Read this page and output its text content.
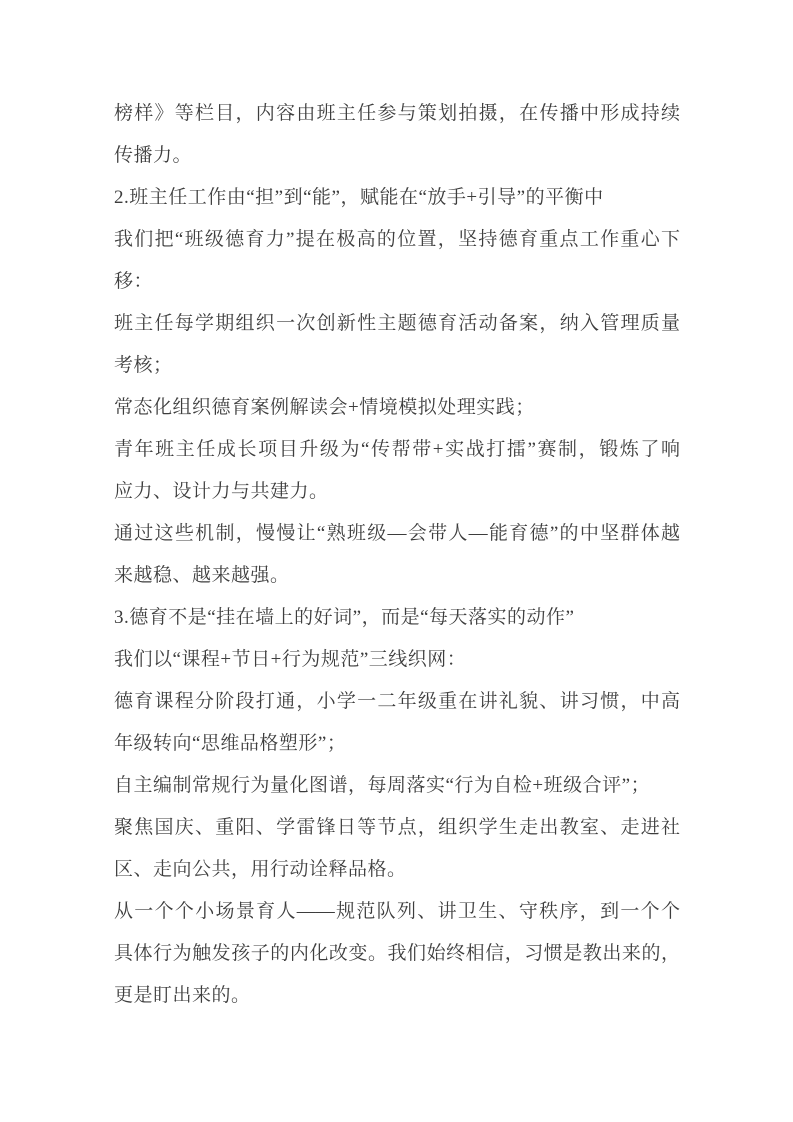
榜样》等栏目，内容由班主任参与策划拍摄，在传播中形成持续
传播力。
2.班主任工作由“担”到“能”，赋能在“放手+引导”的平衡中
我们把“班级德育力”提在极高的位置，坚持德育重点工作重心下
移：
班主任每学期组织一次创新性主题德育活动备案，纳入管理质量
考核；
常态化组织德育案例解读会+情境模拟处理实践；
青年班主任成长项目升级为“传帮带+实战打擂”赛制，锻炼了响
应力、设计力与共建力。
通过这些机制，慢慢让“熟班级—会带人—能育德”的中坚群体越
来越稳、越来越强。
3.德育不是“挂在墙上的好词”，而是“每天落实的动作”
我们以“课程+节日+行为规范”三线织网：
德育课程分阶段打通，小学一二年级重在讲礼貌、讲习惯，中高
年级转向“思维品格塑形”；
自主编制常规行为量化图谱，每周落实“行为自检+班级合评”；
聚焦国庆、重阳、学雷锋日等节点，组织学生走出教室、走进社
区、走向公共，用行动诠释品格。
从一个个小场景育人——规范队列、讲卫生、守秩序，到一个个
具体行为触发孩子的内化改变。我们始终相信，习惯是教出来的，
更是盯出来的。
